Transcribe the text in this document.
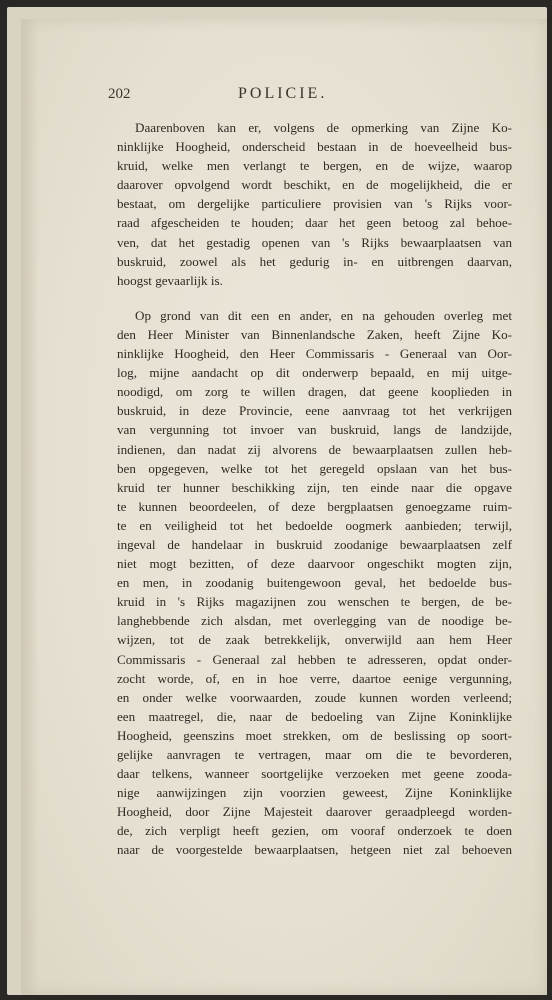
202	POLICIE.
Daarenboven kan er, volgens de opmerking van Zijne Ko-
ninklijke Hoogheid, onderscheid bestaan in de hoeveelheid bus-
kruid, welke men verlangt te bergen, en de wijze, waarop
daarover opvolgend wordt beschikt, en de mogelijkheid, die er
bestaat, om dergelijke particuliere provisien van 's Rijks voor-
raad afgescheiden te houden; daar het geen betoog zal behoe-
ven, dat het gestadig openen van 's Rijks bewaarplaatsen van
buskruid, zoowel als het gedurig in- en uitbrengen daarvan,
hoogst gevaarlijk is.
Op grond van dit een en ander, en na gehouden overleg met
den Heer Minister van Binnenlandsche Zaken, heeft Zijne Ko-
ninklijke Hoogheid, den Heer Commissaris - Generaal van Oor-
log, mijne aandacht op dit onderwerp bepaald, en mij uitge-
noodigd, om zorg te willen dragen, dat geene kooplieden in
buskruid, in deze Provincie, eene aanvraag tot het verkrijgen
van vergunning tot invoer van buskruid, langs de landzijde,
indienen, dan nadat zij alvorens de bewaarplaatsen zullen heb-
ben opgegeven, welke tot het geregeld opslaan van het bus-
kruid ter hunner beschikking zijn, ten einde naar die opgave
te kunnen beoordeelen, of deze bergplaatsen genoegzame ruim-
te en veiligheid tot het bedoelde oogmerk aanbieden; terwijl,
ingeval de handelaar in buskruid zoodanige bewaarplaatsen zelf
niet mogt bezitten, of deze daarvoor ongeschikt mogten zijn,
en men, in zoodanig buitengewoon geval, het bedoelde bus-
kruid in 's Rijks magazijnen zou wenschen te bergen, de be-
langhebbende zich alsdan, met overlegging van de noodige be-
wijzen, tot de zaak betrekkelijk, onverwijld aan hem Heer
Commissaris - Generaal zal hebben te adresseren, opdat onder-
zocht worde, of, en in hoe verre, daartoe eenige vergunning,
en onder welke voorwaarden, zoude kunnen worden verleend;
een maatregel, die, naar de bedoeling van Zijne Koninklijke
Hoogheid, geenszins moet strekken, om de beslissing op soort-
gelijke aanvragen te vertragen, maar om die te bevorderen,
daar telkens, wanneer soortgelijke verzoeken met geene zooda-
nige aanwijzingen zijn voorzien geweest, Zijne Koninklijke
Hoogheid, door Zijne Majesteit daarover geraadpleegd worden-
de, zich verpligt heeft gezien, om vooraf onderzoek te doen
naar de voorgestelde bewaarplaatsen, hetgeen niet zal behoeven
